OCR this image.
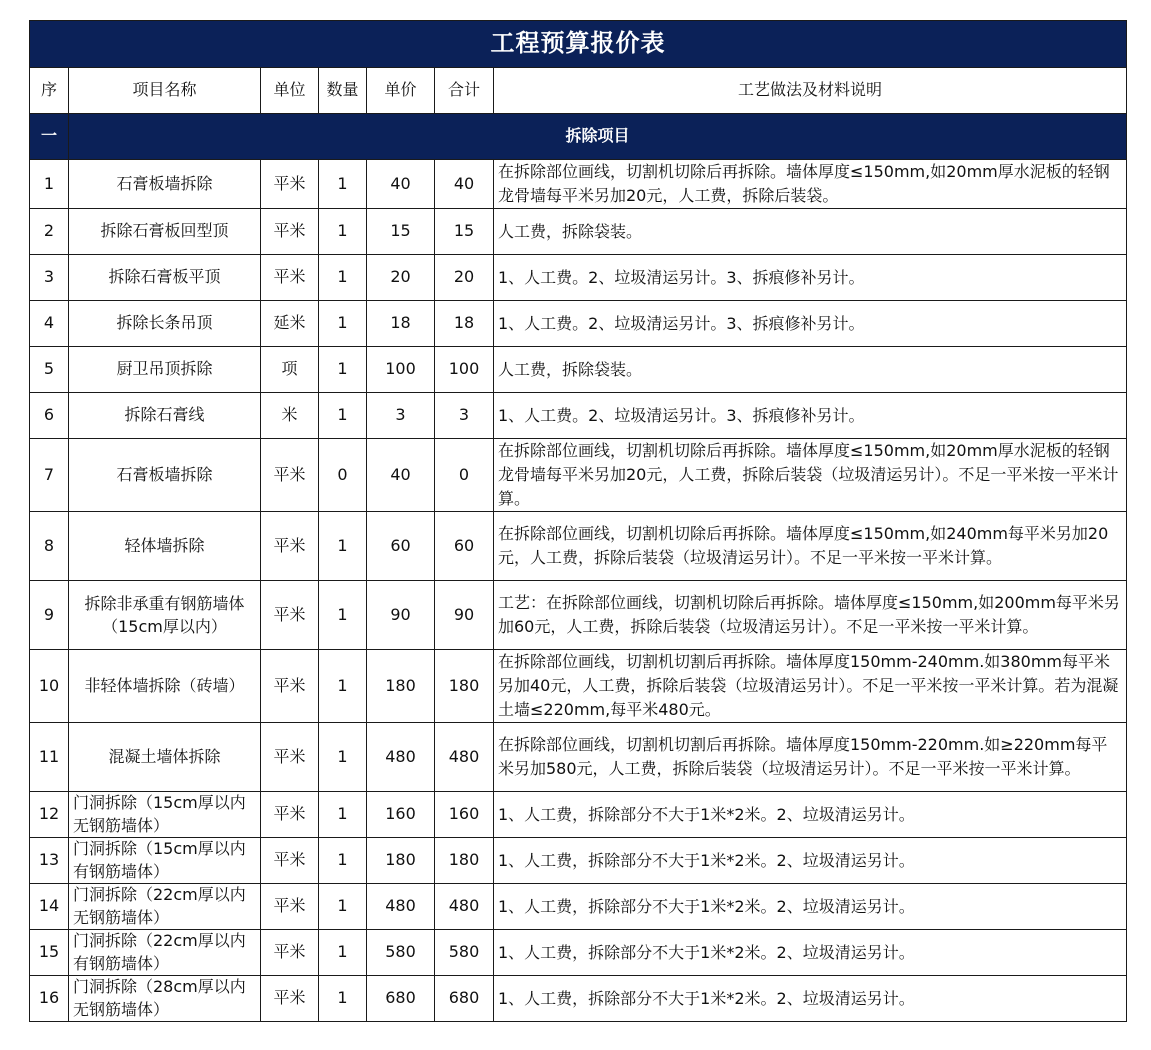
工程预算报价表						
序	项目名称	单位	数量	单价	合计	工艺做法及材料说明
一	拆除项目					
1	石膏板墙拆除	平米	1	40	40	在拆除部位画线，切割机切除后再拆除。墙体厚度≤150mm,如20mm厚水泥板的轻钢龙骨墙每平米另加20元，人工费，拆除后装袋。
2	拆除石膏板回型顶	平米	1	15	15	人工费，拆除袋装。
3	拆除石膏板平顶	平米	1	20	20	1、人工费。2、垃圾清运另计。3、拆痕修补另计。
4	拆除长条吊顶	延米	1	18	18	1、人工费。2、垃圾清运另计。3、拆痕修补另计。
5	厨卫吊顶拆除	项	1	100	100	人工费，拆除袋装。
6	拆除石膏线	米	1	3	3	1、人工费。2、垃圾清运另计。3、拆痕修补另计。
7	石膏板墙拆除	平米	0	40	0	在拆除部位画线，切割机切除后再拆除。墙体厚度≤150mm,如20mm厚水泥板的轻钢龙骨墙每平米另加20元，人工费，拆除后装袋（垃圾清运另计）。不足一平米按一平米计算。
8	轻体墙拆除	平米	1	60	60	在拆除部位画线，切割机切除后再拆除。墙体厚度≤150mm,如240mm每平米另加20元，人工费，拆除后装袋（垃圾清运另计）。不足一平米按一平米计算。
9	拆除非承重有钢筋墙体（15cm厚以内）	平米	1	90	90	工艺：在拆除部位画线，切割机切除后再拆除。墙体厚度≤150mm,如200mm每平米另加60元，人工费，拆除后装袋（垃圾清运另计）。不足一平米按一平米计算。
10	非轻体墙拆除（砖墙）	平米	1	180	180	在拆除部位画线，切割机切割后再拆除。墙体厚度150mm-240mm.如380mm每平米另加40元，人工费，拆除后装袋（垃圾清运另计）。不足一平米按一平米计算。若为混凝土墙≤220mm,每平米480元。
11	混凝土墙体拆除	平米	1	480	480	在拆除部位画线，切割机切割后再拆除。墙体厚度150mm-220mm.如≥220mm每平米另加580元，人工费，拆除后装袋（垃圾清运另计）。不足一平米按一平米计算。
12	门洞拆除（15cm厚以内无钢筋墙体）	平米	1	160	160	1、人工费，拆除部分不大于1米*2米。2、垃圾清运另计。
13	门洞拆除（15cm厚以内有钢筋墙体）	平米	1	180	180	1、人工费，拆除部分不大于1米*2米。2、垃圾清运另计。
14	门洞拆除（22cm厚以内无钢筋墙体）	平米	1	480	480	1、人工费，拆除部分不大于1米*2米。2、垃圾清运另计。
15	门洞拆除（22cm厚以内有钢筋墙体）	平米	1	580	580	1、人工费，拆除部分不大于1米*2米。2、垃圾清运另计。
16	门洞拆除（28cm厚以内无钢筋墙体）	平米	1	680	680	1、人工费，拆除部分不大于1米*2米。2、垃圾清运另计。
